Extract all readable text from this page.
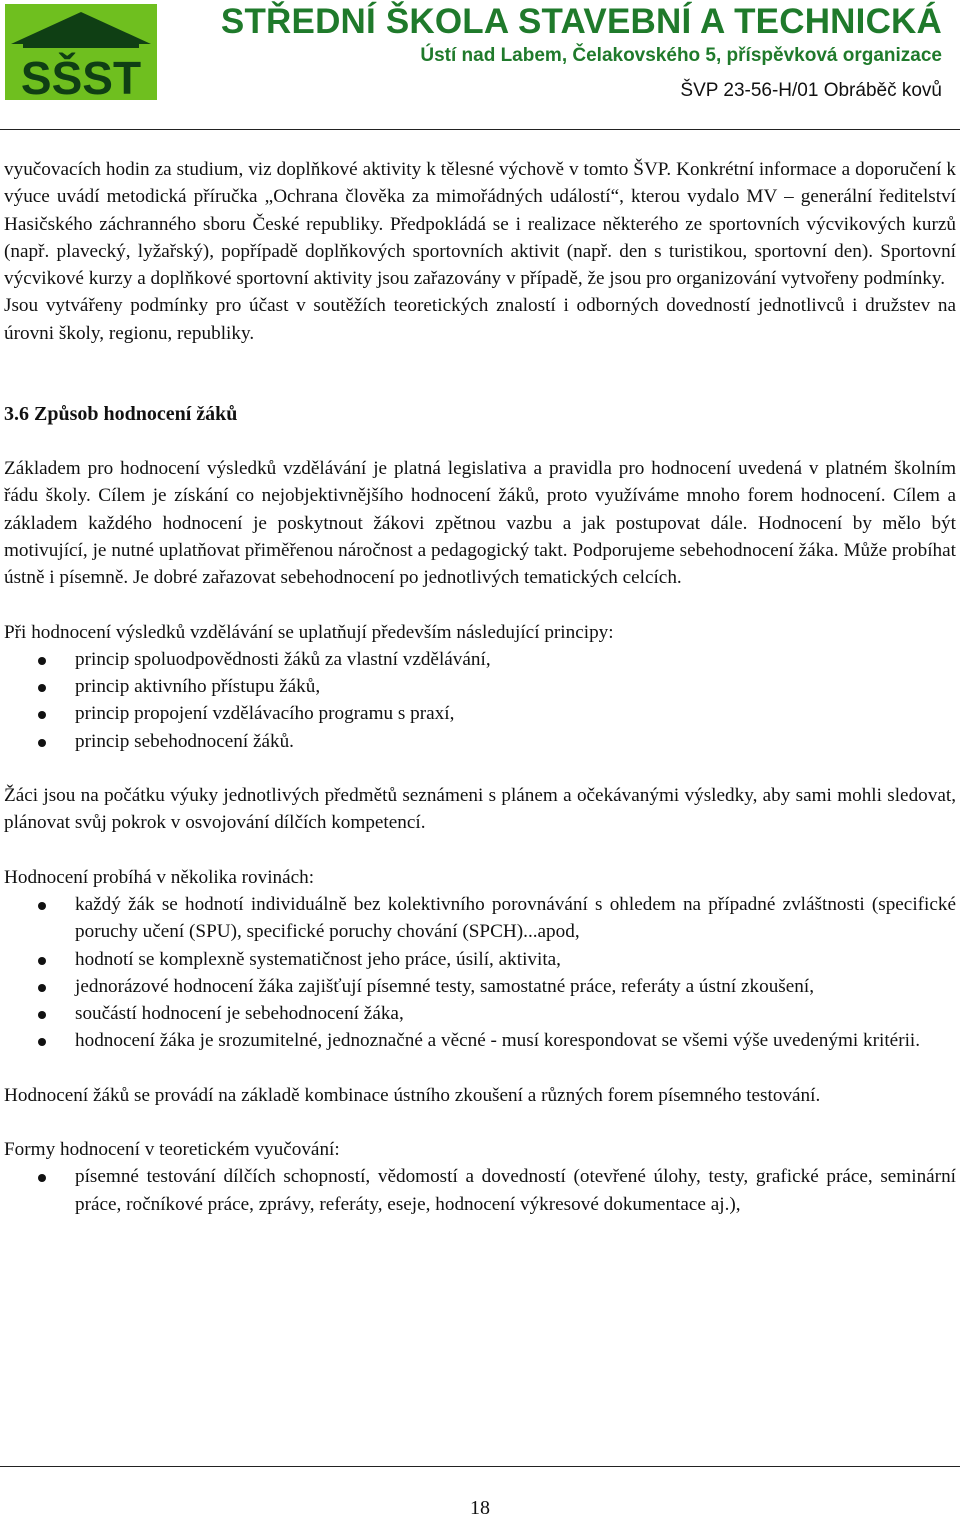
SŠST
STŘEDNÍ ŠKOLA STAVEBNÍ A TECHNICKÁ
Ústí nad Labem, Čelakovského 5, příspěvková organizace
ŠVP 23-56-H/01 Obráběč kovů

vyučovacích hodin za studium, viz doplňkové aktivity k tělesné výchově v tomto ŠVP. Konkrétní informace a doporučení k výuce uvádí metodická příručka „Ochrana člověka za mimořádných událostí“, kterou vydalo MV – generální ředitelství Hasičského záchranného sboru České republiky. Předpokládá se i realizace některého ze sportovních výcvikových kurzů (např. plavecký, lyžařský), popřípadě doplňkových sportovních aktivit (např. den s turistikou, sportovní den). Sportovní výcvikové kurzy a doplňkové sportovní aktivity jsou zařazovány v případě, že jsou pro organizování vytvořeny podmínky.

Jsou vytvářeny podmínky pro účast v soutěžích teoretických znalostí i odborných dovedností jednotlivců i družstev na úrovni školy, regionu, republiky.

3.6 Způsob hodnocení žáků

Základem pro hodnocení výsledků vzdělávání je platná legislativa a pravidla pro hodnocení uvedená v platném školním řádu školy. Cílem je získání co nejobjektivnějšího hodnocení žáků, proto využíváme mnoho forem hodnocení. Cílem a základem každého hodnocení je poskytnout žákovi zpětnou vazbu a jak postupovat dále. Hodnocení by mělo být motivující, je nutné uplatňovat přiměřenou náročnost a pedagogický takt. Podporujeme sebehodnocení žáka. Může probíhat ústně i písemně. Je dobré zařazovat sebehodnocení po jednotlivých tematických celcích.

Při hodnocení výsledků vzdělávání se uplatňují především následující principy:

princip spoluodpovědnosti žáků za vlastní vzdělávání,
princip aktivního přístupu žáků,
princip propojení vzdělávacího programu s praxí,
princip sebehodnocení žáků.

Žáci jsou na počátku výuky jednotlivých předmětů seznámeni s plánem a očekávanými výsledky, aby sami mohli sledovat, plánovat svůj pokrok v osvojování dílčích kompetencí.

Hodnocení probíhá v několika rovinách:

každý žák se hodnotí individuálně bez kolektivního porovnávání s ohledem na případné zvláštnosti (specifické poruchy učení (SPU), specifické poruchy chování (SPCH)...apod,
hodnotí se komplexně systematičnost jeho práce, úsilí, aktivita,
jednorázové hodnocení žáka zajišťují písemné testy, samostatné práce, referáty a ústní zkoušení,
součástí hodnocení je sebehodnocení žáka,
hodnocení žáka je srozumitelné, jednoznačné a věcné - musí korespondovat se všemi výše uvedenými kritérii.

Hodnocení žáků se provádí na základě kombinace ústního zkoušení a různých forem písemného testování.

Formy hodnocení v teoretickém vyučování:

písemné testování dílčích schopností, vědomostí a dovedností (otevřené úlohy, testy, grafické práce, seminární práce, ročníkové práce, zprávy, referáty, eseje, hodnocení výkresové dokumentace aj.),
18
